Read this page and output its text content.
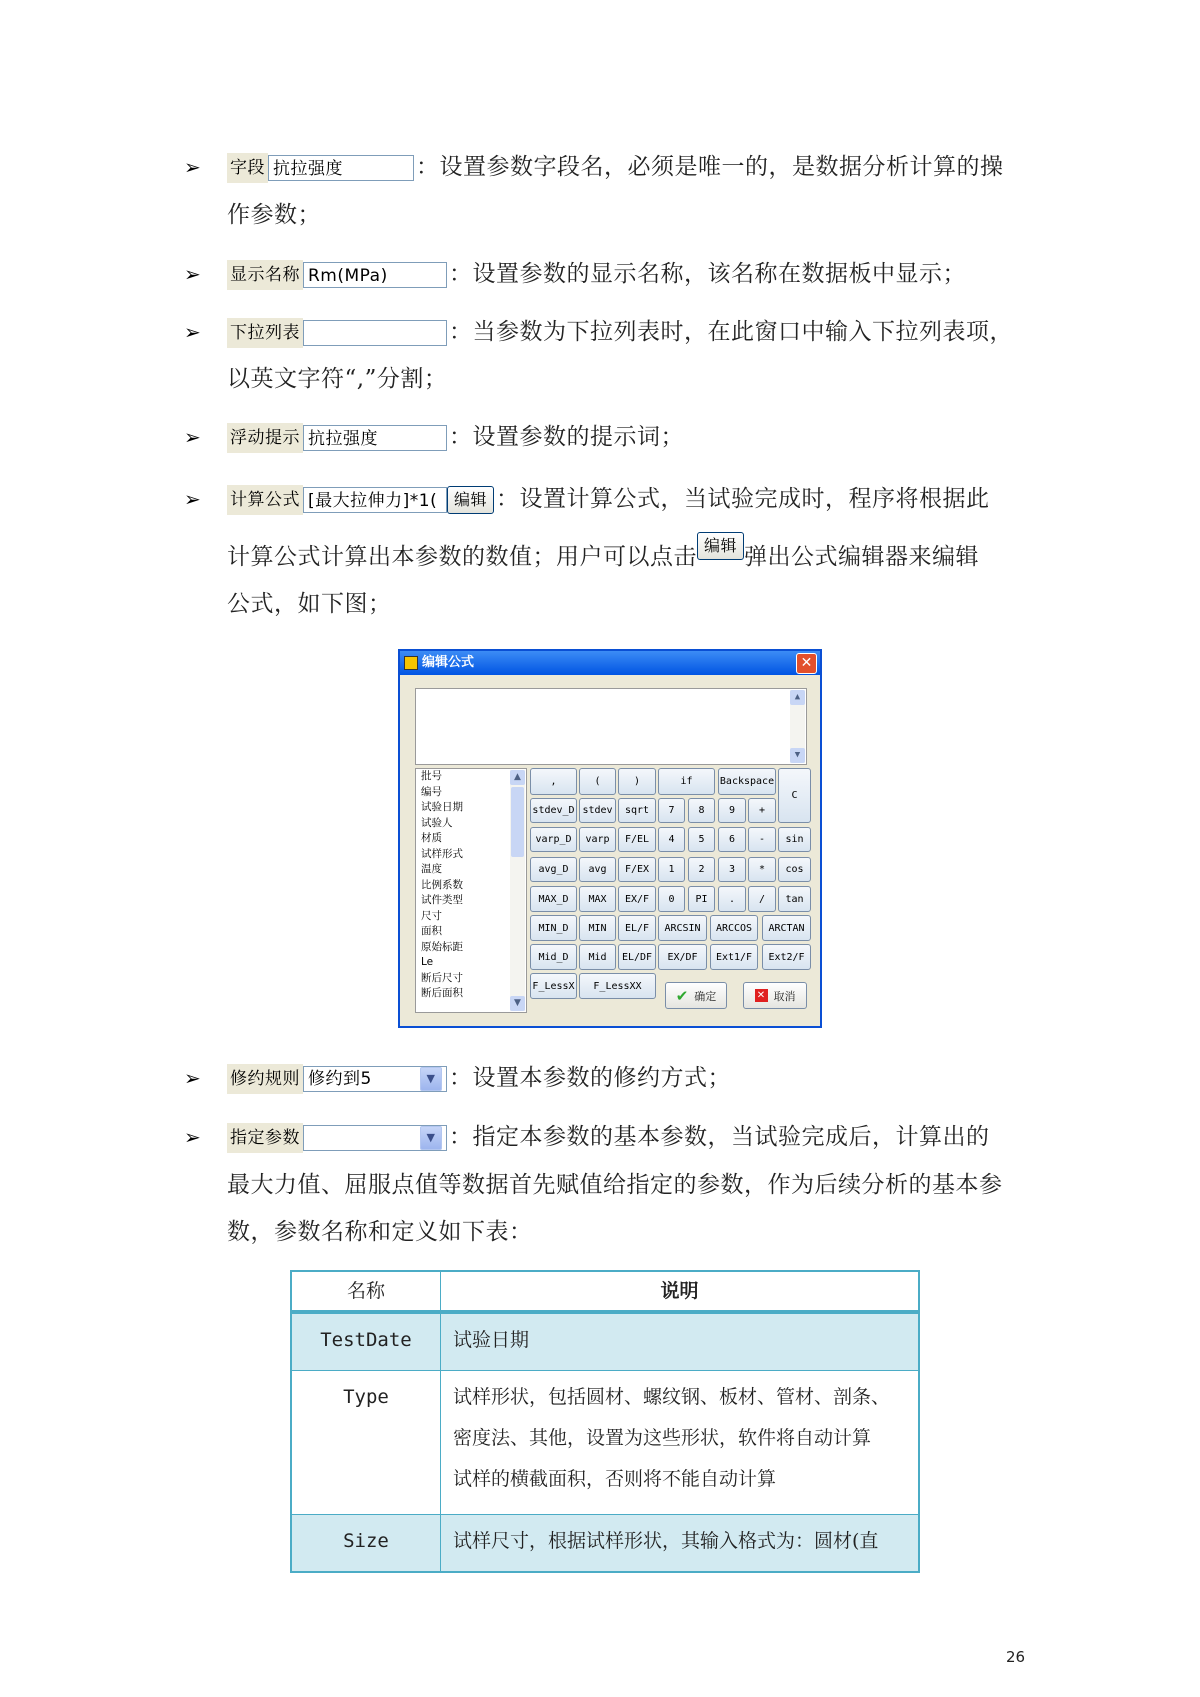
➢ 字段 抗拉强度	：设置参数字段名，必须是唯一的，是数据分析计算的操
作参数；
➢ 显示名称 Rm(MPa)	：设置参数的显示名称，该名称在数据板中显示；
➢ 下拉列表	：当参数为下拉列表时，在此窗口中输入下拉列表项，
以英文字符“,”分割；
➢ 浮动提示 抗拉强度	：设置参数的提示词；
➢ 计算公式 [最大拉伸力]*1(	编辑 ：设置计算公式，当试验完成时，程序将根据此
计算公式计算出本参数的数值；用户可以点击 编辑 弹出公式编辑器来编辑
公式，如下图；
编辑公式	✕
▲
▼
批号
编号
试验日期
试验人
材质
试样形式
温度
比例系数
试件类型
尺寸
面积
原始标距
Le
断后尺寸
断后面积
▲
▼
,	(	)	if	Backspace
C
stdev_D stdev	sqrt	7	8	9	+
varp_D	varp	F/EL	4	5	6	-	sin
avg_D	avg	F/EX	1	2	3	*	cos
MAX_D	MAX	EX/F	0	PI	.	/	tan
MIN_D	MIN	EL/F	ARCSIN	ARCCOS	ARCTAN
Mid_D	Mid	EL/DF	EX/DF	Ext1/F	Ext2/F
F_LessX	F_LessXX
✔ 确定	✕ 取消
➢ 修约规则 修约到5	▼ ：设置本参数的修约方式；
➢ 指定参数	▼ ：指定本参数的基本参数，当试验完成后，计算出的
最大力值、屈服点值等数据首先赋值给指定的参数，作为后续分析的基本参
数，参数名称和定义如下表：
名称	说明
TestDate	试验日期
Type	试样形状，包括圆材、螺纹钢、板材、管材、剖条、
密度法、其他，设置为这些形状，软件将自动计算
试样的横截面积，否则将不能自动计算

Size	试样尺寸，根据试样形状，其输入格式为：圆材(直
26
